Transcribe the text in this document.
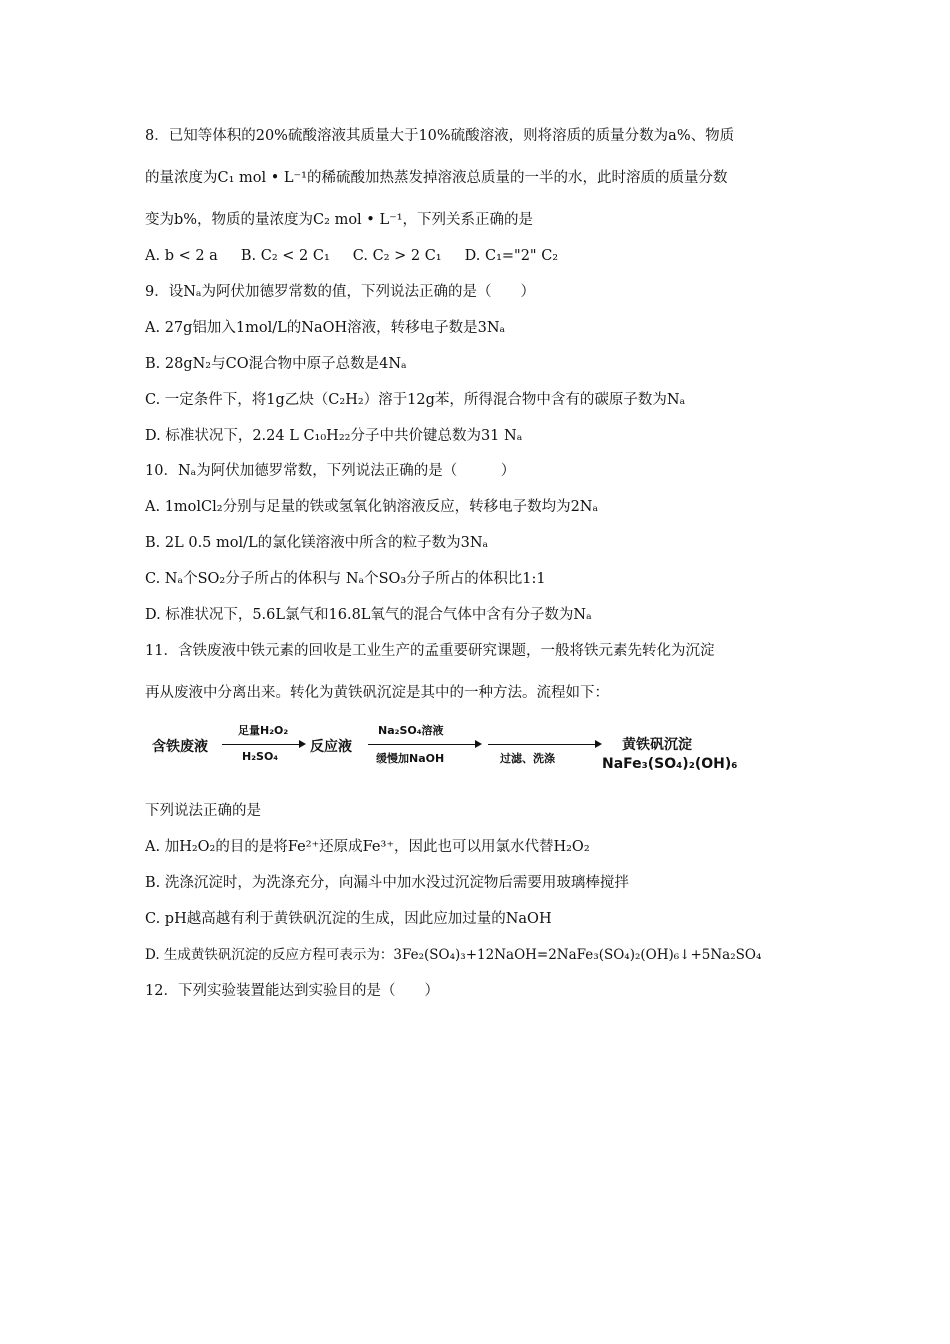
8．已知等体积的20%硫酸溶液其质量大于10%硫酸溶液，则将溶质的质量分数为a%、物质
的量浓度为C₁ mol • L⁻¹的稀硫酸加热蒸发掉溶液总质量的一半的水，此时溶质的质量分数
变为b%，物质的量浓度为C₂ mol • L⁻¹，下列关系正确的是
A. b < 2 a     B. C₂ < 2 C₁     C. C₂ > 2 C₁     D. C₁="2" C₂
9．设Nₐ为阿伏加德罗常数的值，下列说法正确的是（　　）
A. 27g铝加入1mol/L的NaOH溶液，转移电子数是3Nₐ
B. 28gN₂与CO混合物中原子总数是4Nₐ
C. 一定条件下，将1g乙炔（C₂H₂）溶于12g苯，所得混合物中含有的碳原子数为Nₐ
D. 标准状况下，2.24 L C₁₀H₂₂分子中共价键总数为31 Nₐ
10．Nₐ为阿伏加德罗常数，下列说法正确的是（　　　）
A. 1molCl₂分别与足量的铁或氢氧化钠溶液反应，转移电子数均为2Nₐ
B. 2L 0.5 mol/L的氯化镁溶液中所含的粒子数为3Nₐ
C. Nₐ个SO₂分子所占的体积与 Nₐ个SO₃分子所占的体积比1:1
D. 标准状况下，5.6L氯气和16.8L氧气的混合气体中含有分子数为Nₐ
11．含铁废液中铁元素的回收是工业生产的孟重要研究课题，一般将铁元素先转化为沉淀
再从废液中分离出来。转化为黄铁矾沉淀是其中的一种方法。流程如下：
含铁废液
足量H₂O₂
H₂SO₄
反应液
Na₂SO₄溶液
缓慢加NaOH	过滤、洗涤
黄铁矾沉淀
NaFe₃(SO₄)₂(OH)₆
下列说法正确的是
A. 加H₂O₂的目的是将Fe²⁺还原成Fe³⁺，因此也可以用氯水代替H₂O₂
B. 洗涤沉淀时，为洗涤充分，向漏斗中加水没过沉淀物后需要用玻璃棒搅拌
C. pH越高越有利于黄铁矾沉淀的生成，因此应加过量的NaOH
D. 生成黄铁矾沉淀的反应方程可表示为：3Fe₂(SO₄)₃+12NaOH=2NaFe₃(SO₄)₂(OH)₆↓+5Na₂SO₄
12．下列实验装置能达到实验目的是（　　）
